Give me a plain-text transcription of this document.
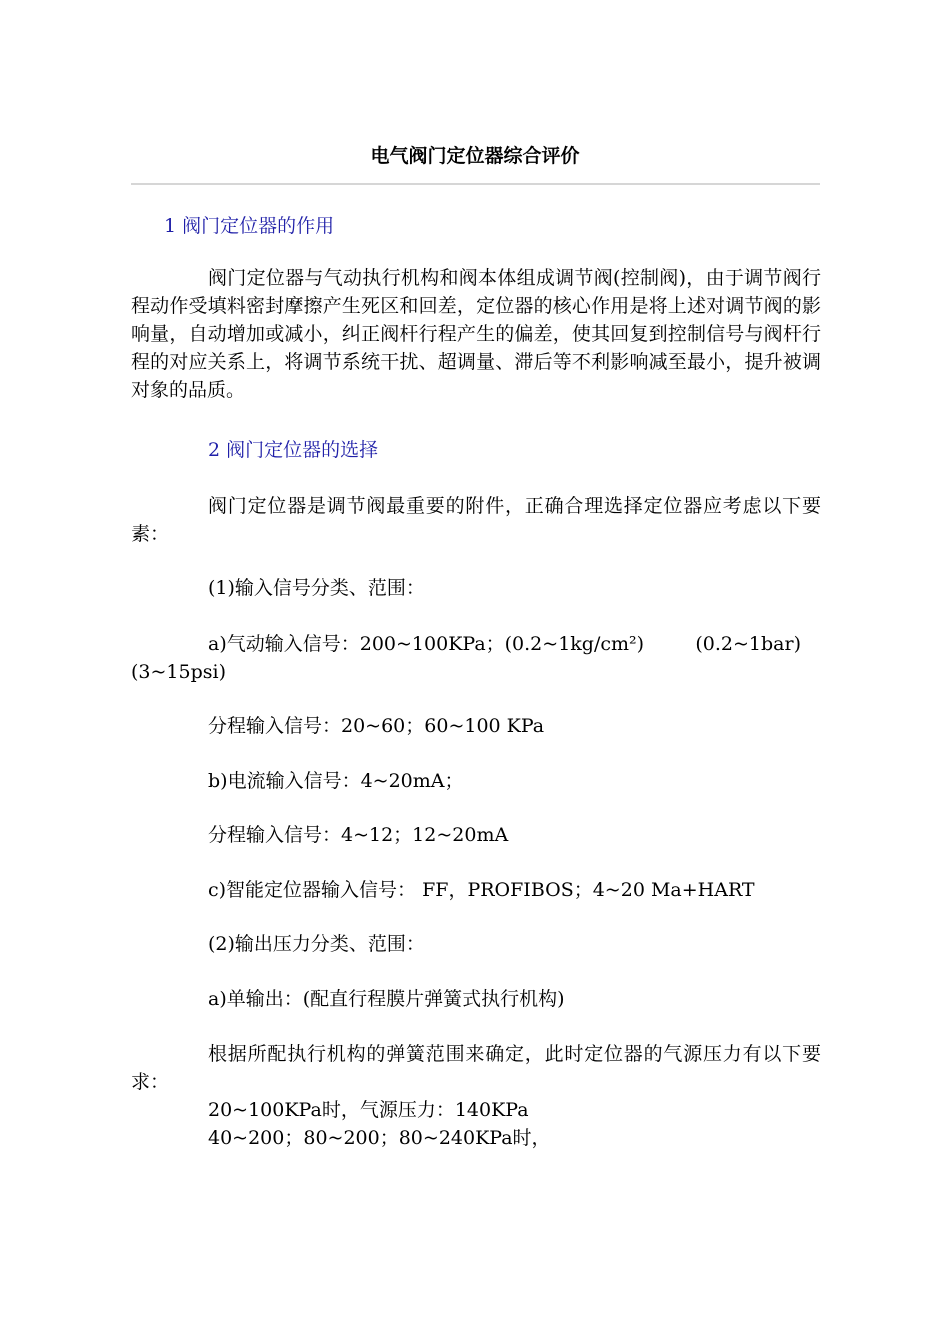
电气阀门定位器综合评价
1 阀门定位器的作用
阀门定位器与气动执行机构和阀本体组成调节阀(控制阀)，由于调节阀行程动作受填料密封摩擦产生死区和回差，定位器的核心作用是将上述对调节阀的影响量，自动增加或减小，纠正阀杆行程产生的偏差，使其回复到控制信号与阀杆行程的对应关系上，将调节系统干扰、超调量、滞后等不利影响减至最小，提升被调对象的品质。
2 阀门定位器的选择
阀门定位器是调节阀最重要的附件，正确合理选择定位器应考虑以下要素：
(1)输入信号分类、范围：
a)气动输入信号：200~100KPa；(0.2~1kg/cm²)	(0.2~1bar)
(3~15psi)
分程输入信号：20~60；60~100 KPa
b)电流输入信号：4~20mA；
分程输入信号：4~12；12~20mA
c)智能定位器输入信号： FF，PROFIBOS；4~20 Ma+HART
(2)输出压力分类、范围：
a)单输出：(配直行程膜片弹簧式执行机构)
根据所配执行机构的弹簧范围来确定，此时定位器的气源压力有以下要求：
20~100KPa时，气源压力：140KPa
40~200；80~200；80~240KPa时，
